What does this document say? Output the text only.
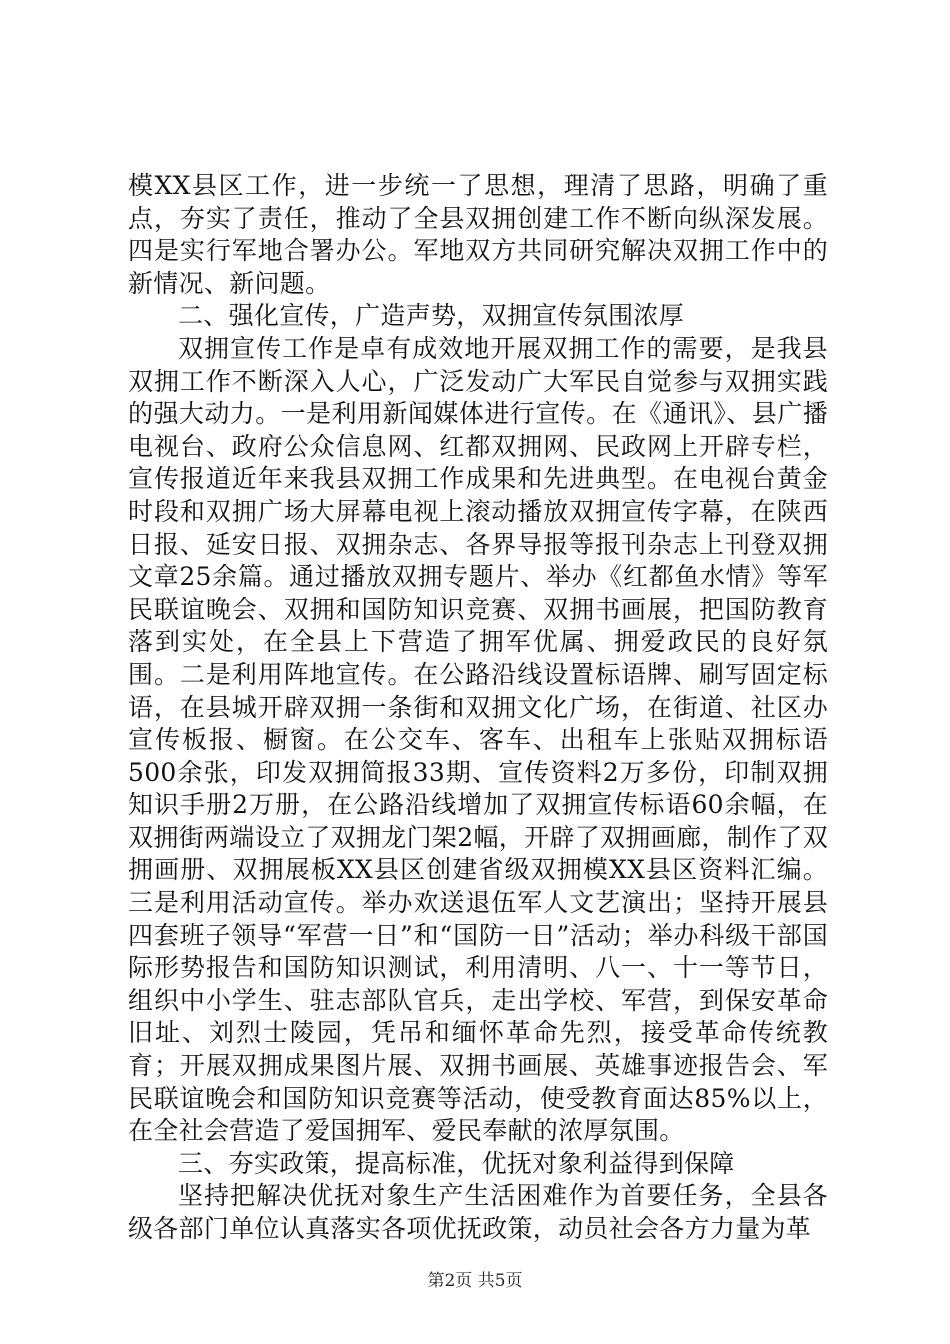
模XX县区工作，进一步统一了思想，理清了思路，明确了重点，夯实了责任，推动了全县双拥创建工作不断向纵深发展。四是实行军地合署办公。军地双方共同研究解决双拥工作中的新情况、新问题。

二、强化宣传，广造声势，双拥宣传氛围浓厚

双拥宣传工作是卓有成效地开展双拥工作的需要，是我县双拥工作不断深入人心，广泛发动广大军民自觉参与双拥实践的强大动力。一是利用新闻媒体进行宣传。在《通讯》、县广播电视台、政府公众信息网、红都双拥网、民政网上开辟专栏，宣传报道近年来我县双拥工作成果和先进典型。在电视台黄金时段和双拥广场大屏幕电视上滚动播放双拥宣传字幕，在陕西日报、延安日报、双拥杂志、各界导报等报刊杂志上刊登双拥文章25余篇。通过播放双拥专题片、举办《红都鱼水情》等军民联谊晚会、双拥和国防知识竞赛、双拥书画展，把国防教育落到实处，在全县上下营造了拥军优属、拥爱政民的良好氛围。二是利用阵地宣传。在公路沿线设置标语牌、刷写固定标语，在县城开辟双拥一条街和双拥文化广场，在街道、社区办宣传板报、橱窗。在公交车、客车、出租车上张贴双拥标语500余张，印发双拥简报33期、宣传资料2万多份，印制双拥知识手册2万册，在公路沿线增加了双拥宣传标语60余幅，在双拥街两端设立了双拥龙门架2幅，开辟了双拥画廊，制作了双拥画册、双拥展板XX县区创建省级双拥模XX县区资料汇编。三是利用活动宣传。举办欢送退伍军人文艺演出；坚持开展县四套班子领导“军营一日”和“国防一日”活动；举办科级干部国际形势报告和国防知识测试，利用清明、八一、十一等节日，组织中小学生、驻志部队官兵，走出学校、军营，到保安革命旧址、刘烈士陵园，凭吊和缅怀革命先烈，接受革命传统教育；开展双拥成果图片展、双拥书画展、英雄事迹报告会、军民联谊晚会和国防知识竞赛等活动，使受教育面达85%以上，在全社会营造了爱国拥军、爱民奉献的浓厚氛围。

三、夯实政策，提高标准，优抚对象利益得到保障

坚持把解决优抚对象生产生活困难作为首要任务，全县各级各部门单位认真落实各项优抚政策，动员社会各方力量为革

第2页 共5页
